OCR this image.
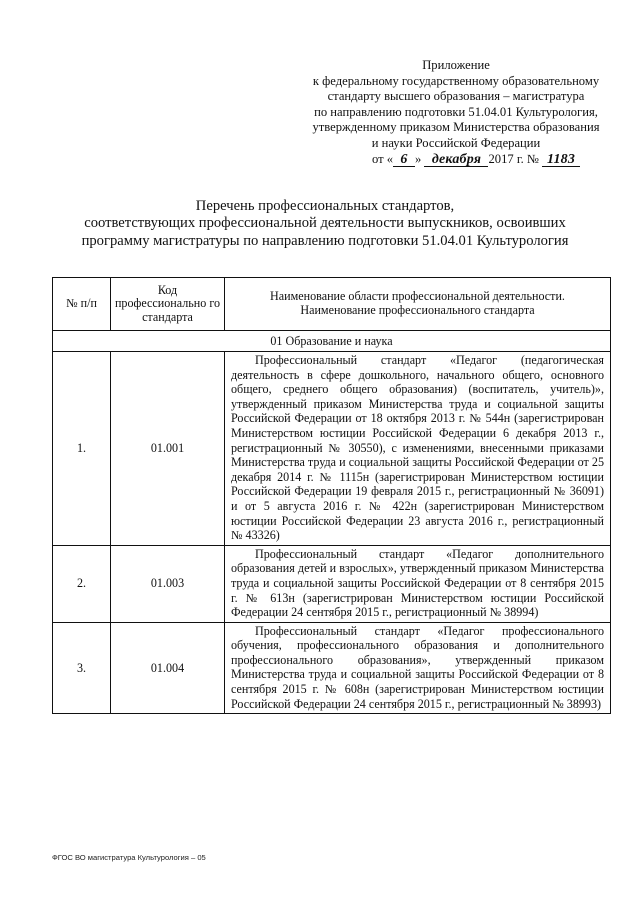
Приложение
к федеральному государственному образовательному
стандарту высшего образования – магистратура
по направлению подготовки 51.04.01 Культурология,
утвержденному приказом Министерства образования
и науки Российской Федерации
от « 6 » декабря 2017 г. № 1183
Перечень профессиональных стандартов,
соответствующих профессиональной деятельности выпускников, освоивших
программу магистратуры по направлению подготовки 51.04.01 Культурология
№ п/п	Код профессионально го стандарта	Наименование области профессиональной деятельности.
Наименование профессионального стандарта

01 Образование и наука		
1.	01.001	Профессиональный стандарт «Педагог (педагогическая деятельность в сфере дошкольного, начального общего, основного общего, среднего общего образования) (воспитатель, учитель)», утвержденный приказом Министерства труда и социальной защиты Российской Федерации от 18 октября 2013 г. № 544н (зарегистрирован Министерством юстиции Российской Федерации 6 декабря 2013 г., регистрационный № 30550), с изменениями, внесенными приказами Министерства труда и социальной защиты Российской Федерации от 25 декабря 2014 г. № 1115н (зарегистрирован Министерством юстиции Российской Федерации 19 февраля 2015 г., регистрационный № 36091) и от 5 августа 2016 г. № 422н (зарегистрирован Министерством юстиции Российской Федерации 23 августа 2016 г., регистрационный № 43326)

2.	01.003	Профессиональный стандарт «Педагог дополнительного образования детей и взрослых», утвержденный приказом Министерства труда и социальной защиты Российской Федерации от 8 сентября 2015 г. № 613н (зарегистрирован Министерством юстиции Российской Федерации 24 сентября 2015 г., регистрационный № 38994)

3.	01.004	Профессиональный стандарт «Педагог профессионального обучения, профессионального образования и дополнительного профессионального образования», утвержденный приказом Министерства труда и социальной защиты Российской Федерации от 8 сентября 2015 г. № 608н (зарегистрирован Министерством юстиции Российской Федерации 24 сентября 2015 г., регистрационный № 38993)

ФГОС ВО магистратура Культурология – 05
